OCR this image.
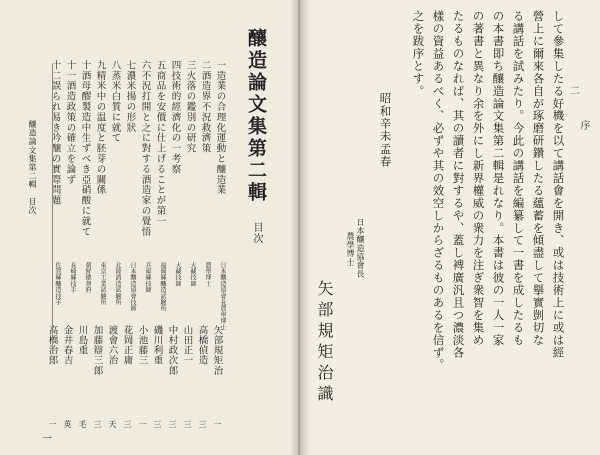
釀造論文集第二輯
目次
一造業の合理化運動と釀造業
日本釀造協會長農學博士
矢部規矩治
一
二酒造界不況救濟策
農學博士
高橋偵造
三
三火落の鑑別の研究
大藏技師
山田正一
三
四技術的經濟化の一考察
大藏技師
中村政次郎
三
五商品を安價に仕上げることが第一
福岡縣釀造試驗所
磯川利重
三
六不況打開と之に對する酒造家の覺悟
兵庫縣技師
小池藤三
一
七濃米揚の形狀
日本釀造協會技師
花岡正庸
三
八蒸米白質に就て
北陸酒造試驗所
渡會六治
天
九精米中の温度と胚芽の關係
東京工業試驗所
加藤辯三郎
三
十酒母醪製造中生ずべき亞硝酸に就て
朝鮮總督府
川島重
毛
十一酒造政策の確立を論ず
長崎縣技手
金井春吉
英
十二誤られ易き吟醸の實際問題
佐賀縣釀造技手
高橋治郎
一
釀造論文集第二輯　目次
一
序
して參集したる好機を以て講話會を開き、或は技術上に或は經
營上に爾來各自が琢磨研鑽したる蘊蓄を傾盡して擧實剴切な
る講話を試みたり。今此の講話を編纂して一書を成したるも
の本書即ち釀造論文集第二輯是れなり。本書は彼の一人一家
の著書と異なり余を外にし新界權威の衆力を注ぎ衆智を集め
たるものなれば、其の讀者に對するや、蓋し裨廣汎且つ濃淡各
樣の資益あるべく、必ずや其の效空しからざるものあるを信ず。
之を跋序とす。
昭和辛未孟春
日本釀造協會長
農學博士
矢部規矩治識
二
